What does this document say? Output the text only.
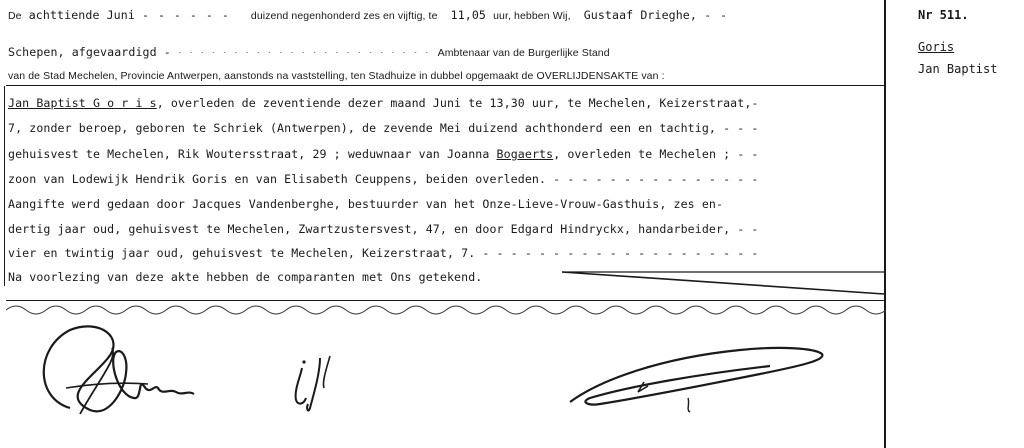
De achttiende Juni - - - - - - duizend negenhonderd zes en vijftig, te 11,05 uur, hebben Wij, Gustaaf Drieghe, - -
Schepen, afgevaardigd - - - - - - - - - - - - - - - - - - - - - - - - Ambtenaar van de Burgerlijke Stand
van de Stad Mechelen, Provincie Antwerpen, aanstonds na vaststelling, ten Stadhuize in dubbel opgemaakt de OVERLIJDENSAKTE van :
Jan Baptist G o r i s, overleden de zeventiende dezer maand Juni te 13,30 uur, te Mechelen, Keizerstraat,-
7, zonder beroep, geboren te Schriek (Antwerpen), de zevende Mei duizend achthonderd een en tachtig, - - -
gehuisvest te Mechelen, Rik Woutersstraat, 29 ; weduwnaar van Joanna Bogaerts, overleden te Mechelen ; - -
zoon van Lodewijk Hendrik Goris en van Elisabeth Ceuppens, beiden overleden. - - - - - - - - - - - - - - -
Aangifte werd gedaan door Jacques Vandenberghe, bestuurder van het Onze-Lieve-Vrouw-Gasthuis, zes en-
dertig jaar oud, gehuisvest te Mechelen, Zwartzustersvest, 47, en door Edgard Hindryckx, handarbeider, - -
vier en twintig jaar oud, gehuisvest te Mechelen, Keizerstraat, 7. - - - - - - - - - - - - - - - - - - - -
Na voorlezing van deze akte hebben de comparanten met Ons getekend.
Nr 511.
Goris
Jan Baptist
